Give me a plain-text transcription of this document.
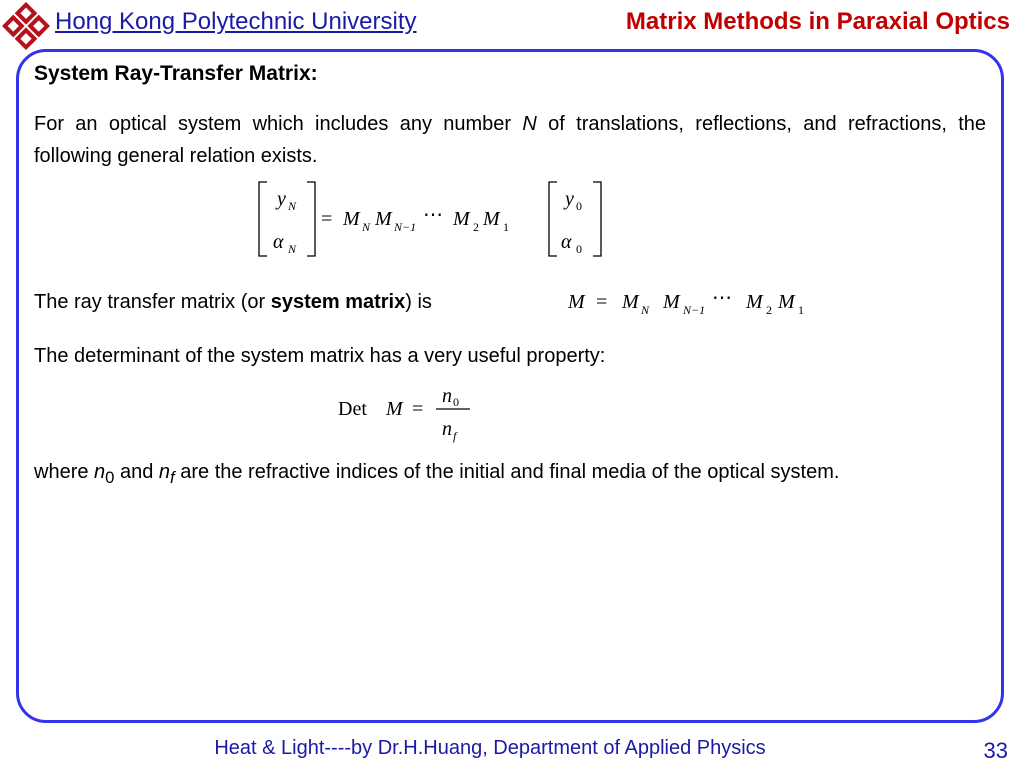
Hong Kong Polytechnic University	Matrix Methods in Paraxial Optics
System Ray-Transfer Matrix:
For an optical system which includes any number N of translations, reflections, and refractions, the following general relation exists.
y N
α N
= M N M N−1
⋯ M 2 M 1
y 0
α 0
The ray transfer matrix (or system matrix) is	M = M N M N−1
⋯ M 2 M 1
The determinant of the system matrix has a very useful property:
Det M =
n 0
n f
where $n_0$ and $n_f$ are the refractive indices of the initial and final media of the optical system.
Heat & Light----by Dr.H.Huang, Department of Applied Physics	33
